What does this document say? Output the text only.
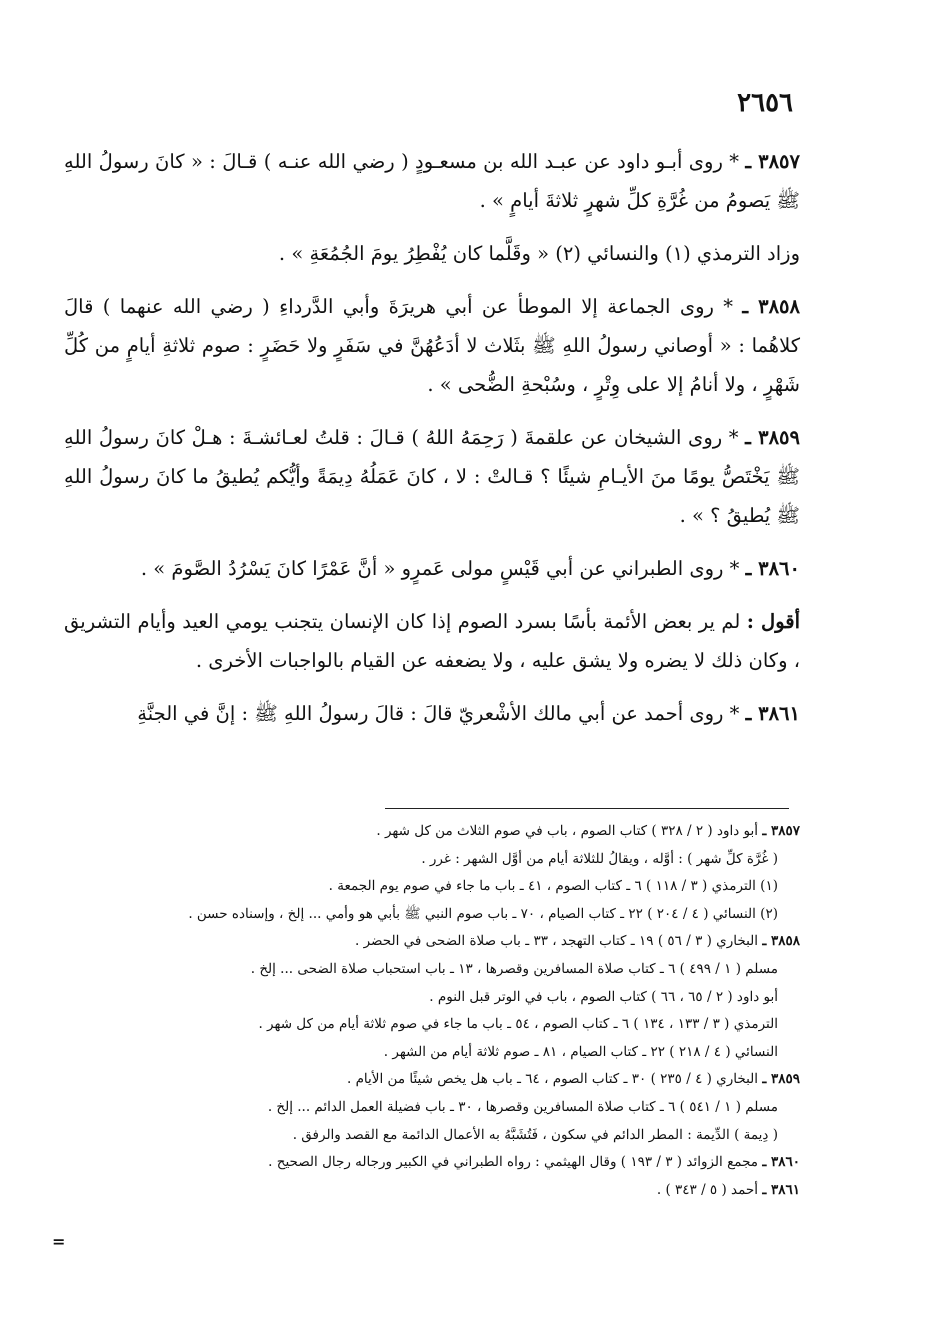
٢٦٥٦

٣٨٥٧ ـ * روى أبـو داود عن عبـد الله بن مسعـودٍ ( رضي الله عنـه ) قـالَ : « كانَ رسولُ اللهِ ﷺ يَصومُ من غُرَّةِ كلِّ شهرٍ ثلاثةَ أيامٍ » .

وزاد الترمذي (١) والنسائي (٢) « وقَلَّما كان يُفْطِرُ يومَ الجُمُعَةِ » .

٣٨٥٨ ـ * روى الجماعة إلا الموطأ عن أبي هريرَةَ وأبي الدَّرداءِ ( رضي الله عنهما ) قالَ كلاهُما : « أوصاني رسولُ اللهِ ﷺ بثَلاث لا أدَعُهُنَّ في سَفَرٍ ولا حَضَرٍ : صوم ثلاثةِ أيامٍ من كُلِّ شَهْرٍ ، ولا أنامُ إلا على وِتْرٍ ، وسُبْحةِ الضُّحى » .

٣٨٥٩ ـ * روى الشيخان عن علقمةَ ( رَحِمَهُ اللهُ ) قـالَ : قلتُ لعـائشـةَ : هـلْ كانَ رسولُ اللهِ ﷺ يَخْتَصُّ يومًا منَ الأيـامِ شيئًا ؟ قـالتْ : لا ، كانَ عَمَلُهُ دِيمَةً وأيُّكم يُطيقُ ما كانَ رسولُ اللهِ ﷺ يُطيقُ ؟ » .

٣٨٦٠ ـ * روى الطبراني عن أبي قَيْسٍ مولى عَمرٍو « أنَّ عَمْرًا كانَ يَسْرُدُ الصَّومَ » .

أقول : لم ير بعض الأئمة بأسًا بسرد الصوم إذا كان الإنسان يتجنب يومي العيد وأيام التشريق ، وكان ذلك لا يضره ولا يشق عليه ، ولا يضعفه عن القيام بالواجبات الأخرى .

٣٨٦١ ـ * روى أحمد عن أبي مالك الأشْعريّ قالَ : قالَ رسولُ اللهِ ﷺ : إنَّ في الجنَّةِ

٣٨٥٧ ـ أبو داود ( ٢ / ٣٢٨ ) كتاب الصوم ، باب في صوم الثلاث من كل شهر .
( غُرَّة كلِّ شهر ) : أوَّله ، ويقالُ للثلاثة أيام من أوَّل الشهر : غرر .
(١) الترمذي ( ٣ / ١١٨ ) ٦ ـ كتاب الصوم ، ٤١ ـ باب ما جاء في صوم يوم الجمعة .
(٢) النسائي ( ٤ / ٢٠٤ ) ٢٢ ـ كتاب الصيام ، ٧٠ ـ باب صوم النبي ﷺ بأبي هو وأمي ... إلخ ، وإسناده حسن .
٣٨٥٨ ـ البخاري ( ٣ / ٥٦ ) ١٩ ـ كتاب التهجد ، ٣٣ ـ باب صلاة الضحى في الحضر .
مسلم ( ١ / ٤٩٩ ) ٦ ـ كتاب صلاة المسافرين وقصرها ، ١٣ ـ باب استحباب صلاة الضحى ... إلخ .
أبو داود ( ٢ / ٦٥ ، ٦٦ ) كتاب الصوم ، باب في الوتر قبل النوم .
الترمذي ( ٣ / ١٣٣ ، ١٣٤ ) ٦ ـ كتاب الصوم ، ٥٤ ـ باب ما جاء في صوم ثلاثة أيام من كل شهر .
النسائي ( ٤ / ٢١٨ ) ٢٢ ـ كتاب الصيام ، ٨١ ـ صوم ثلاثة أيام من الشهر .
٣٨٥٩ ـ البخاري ( ٤ / ٢٣٥ ) ٣٠ ـ كتاب الصوم ، ٦٤ ـ باب هل يخص شيئًا من الأيام .
مسلم ( ١ / ٥٤١ ) ٦ ـ كتاب صلاة المسافرين وقصرها ، ٣٠ ـ باب فضيلة العمل الدائم ... إلخ .
( دِيمة ) الدِّيمة : المطر الدائم في سكون ، فَتُشَبَّهُ به الأعمال الدائمة مع القصد والرفق .
٣٨٦٠ ـ مجمع الزوائد ( ٣ / ١٩٣ ) وقال الهيثمي : رواه الطبراني في الكبير ورجاله رجال الصحيح .
٣٨٦١ ـ أحمد ( ٥ / ٣٤٣ ) .
=
